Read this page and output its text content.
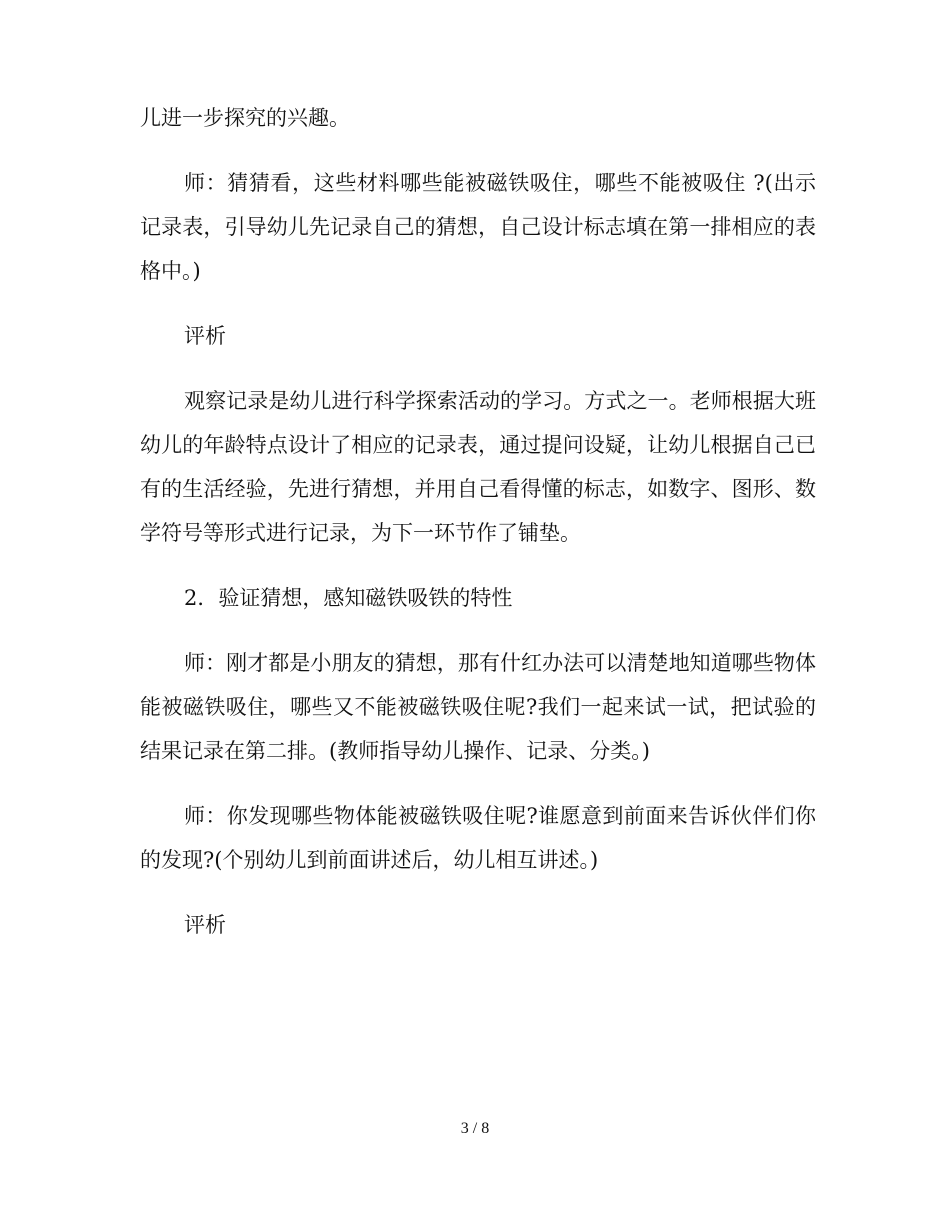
儿进一步探究的兴趣。

师：猜猜看，这些材料哪些能被磁铁吸住，哪些不能被吸住 ?(出示记录表，引导幼儿先记录自己的猜想，自己设计标志填在第一排相应的表格中。)

评析

观察记录是幼儿进行科学探索活动的学习。方式之一。老师根据大班幼儿的年龄特点设计了相应的记录表，通过提问设疑，让幼儿根据自己已有的生活经验，先进行猜想，并用自己看得懂的标志，如数字、图形、数学符号等形式进行记录，为下一环节作了铺垫。

2．验证猜想，感知磁铁吸铁的特性

师：刚才都是小朋友的猜想，那有什红办法可以清楚地知道哪些物体能被磁铁吸住，哪些又不能被磁铁吸住呢?我们一起来试一试，把试验的结果记录在第二排。(教师指导幼儿操作、记录、分类。)

师：你发现哪些物体能被磁铁吸住呢?谁愿意到前面来告诉伙伴们你的发现?(个别幼儿到前面讲述后，幼儿相互讲述。)

评析

3 / 8
